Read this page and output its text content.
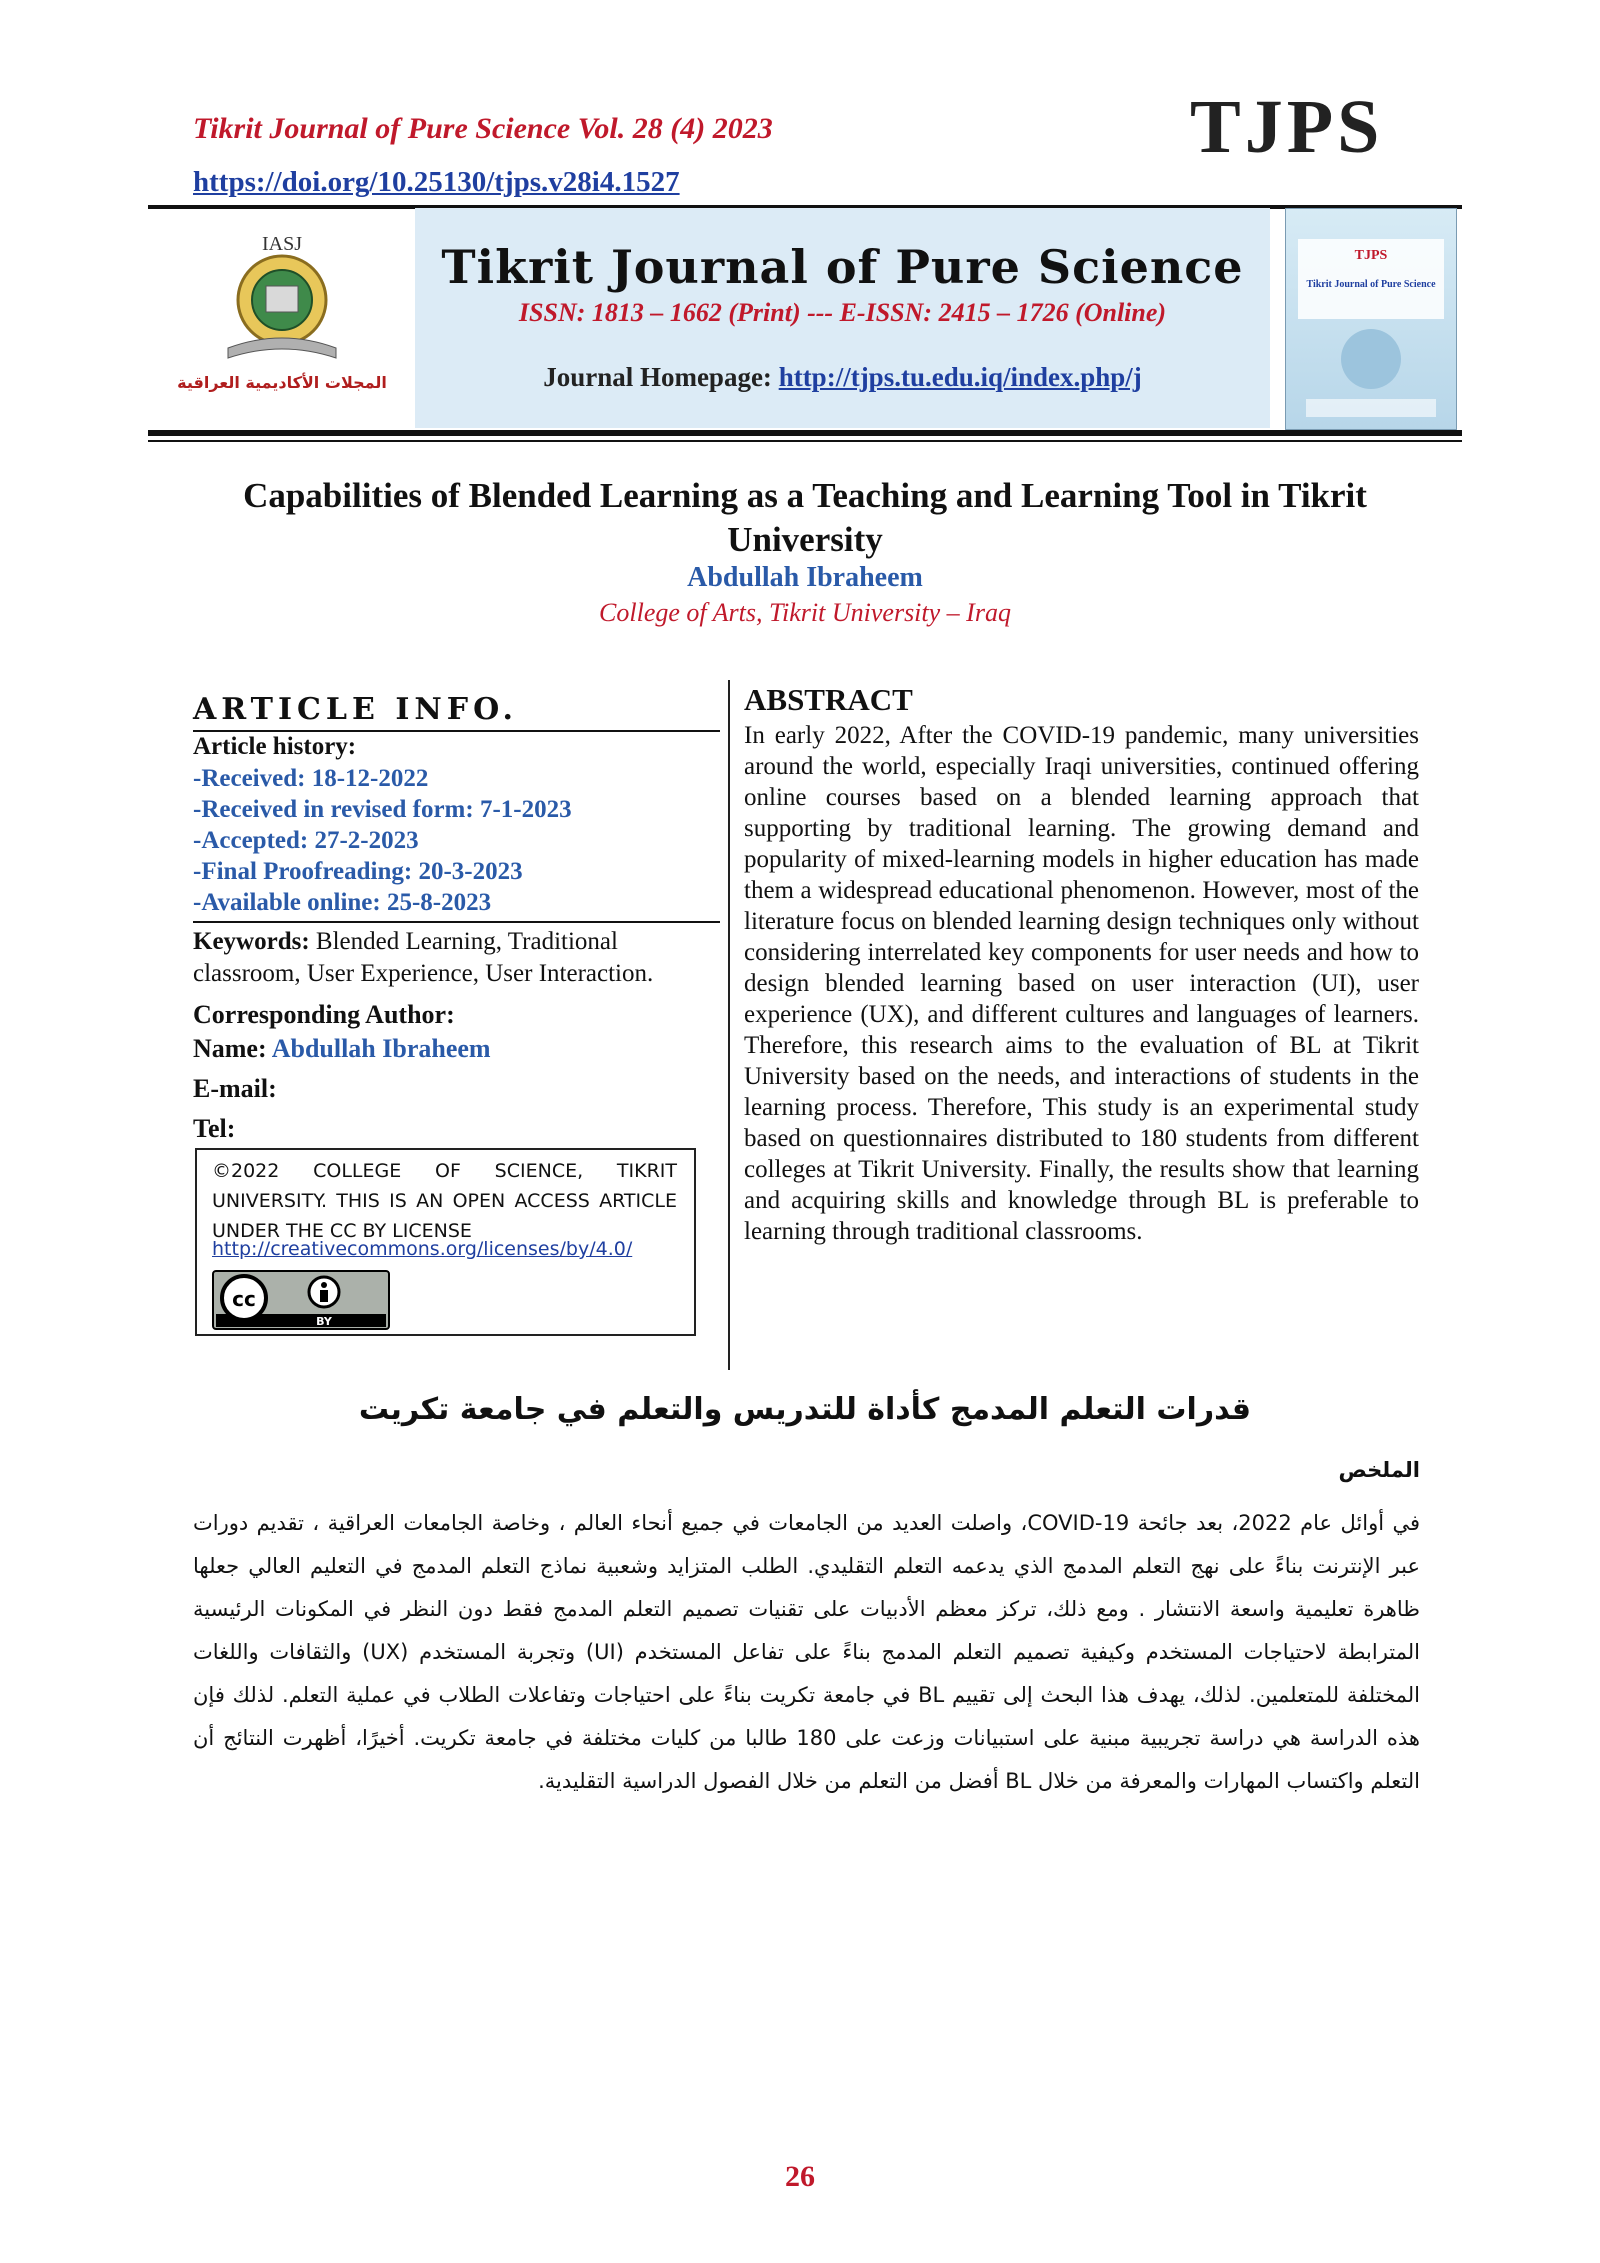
Tikrit Journal of Pure Science Vol. 28 (4) 2023
https://doi.org/10.25130/tjps.v28i4.1527
TJPS
IASJ
المجلات الأكاديمية العراقية
Tikrit Journal of Pure Science
ISSN: 1813 – 1662 (Print) --- E-ISSN: 2415 – 1726 (Online)
Journal Homepage: http://tjps.tu.edu.iq/index.php/j
TJPS
Tikrit Journal of Pure Science
Capabilities of Blended Learning as a Teaching and Learning Tool in Tikrit University
Abdullah Ibraheem
College of Arts, Tikrit University – Iraq
ARTICLE INFO.
Article history:
-Received: 18-12-2022
-Received in revised form: 7-1-2023
-Accepted: 27-2-2023
-Final Proofreading: 20-3-2023
-Available online: 25-8-2023
Keywords: Blended Learning, Traditional classroom, User Experience, User Interaction.
Corresponding Author:
Name: Abdullah Ibraheem
E-mail:
Tel:
©2022 COLLEGE OF SCIENCE, TIKRIT UNIVERSITY. THIS IS AN OPEN ACCESS ARTICLE UNDER THE CC BY LICENSE
http://creativecommons.org/licenses/by/4.0/
cc
BY
ABSTRACT
In early 2022, After the COVID-19 pandemic, many universities around the world, especially Iraqi universities, continued offering online courses based on a blended learning approach that supporting by traditional learning. The growing demand and popularity of mixed-learning models in higher education has made them a widespread educational phenomenon. However, most of the literature focus on blended learning design techniques only without considering interrelated key components for user needs and how to design blended learning based on user interaction (UI), user experience (UX), and different cultures and languages of learners. Therefore, this research aims to the evaluation of BL at Tikrit University based on the needs, and interactions of students in the learning process. Therefore, This study is an experimental study based on questionnaires distributed to 180 students from different colleges at Tikrit University. Finally, the results show that learning and acquiring skills and knowledge through BL is preferable to learning through traditional classrooms.
قدرات التعلم المدمج كأداة للتدريس والتعلم في جامعة تكريت
الملخص
في أوائل عام 2022، بعد جائحة COVID-19، واصلت العديد من الجامعات في جميع أنحاء العالم ، وخاصة الجامعات العراقية ، تقديم دورات عبر الإنترنت بناءً على نهج التعلم المدمج الذي يدعمه التعلم التقليدي. الطلب المتزايد وشعبية نماذج التعلم المدمج في التعليم العالي جعلها ظاهرة تعليمية واسعة الانتشار . ومع ذلك، تركز معظم الأدبيات على تقنيات تصميم التعلم المدمج فقط دون النظر في المكونات الرئيسية المترابطة لاحتياجات المستخدم وكيفية تصميم التعلم المدمج بناءً على تفاعل المستخدم (UI) وتجربة المستخدم (UX) والثقافات واللغات المختلفة للمتعلمين. لذلك، يهدف هذا البحث إلى تقييم BL في جامعة تكريت بناءً على احتياجات وتفاعلات الطلاب في عملية التعلم. لذلك فإن هذه الدراسة هي دراسة تجريبية مبنية على استبيانات وزعت على 180 طالبا من كليات مختلفة في جامعة تكريت. أخيرًا، أظهرت النتائج أن التعلم واكتساب المهارات والمعرفة من خلال BL أفضل من التعلم من خلال الفصول الدراسية التقليدية.
26
